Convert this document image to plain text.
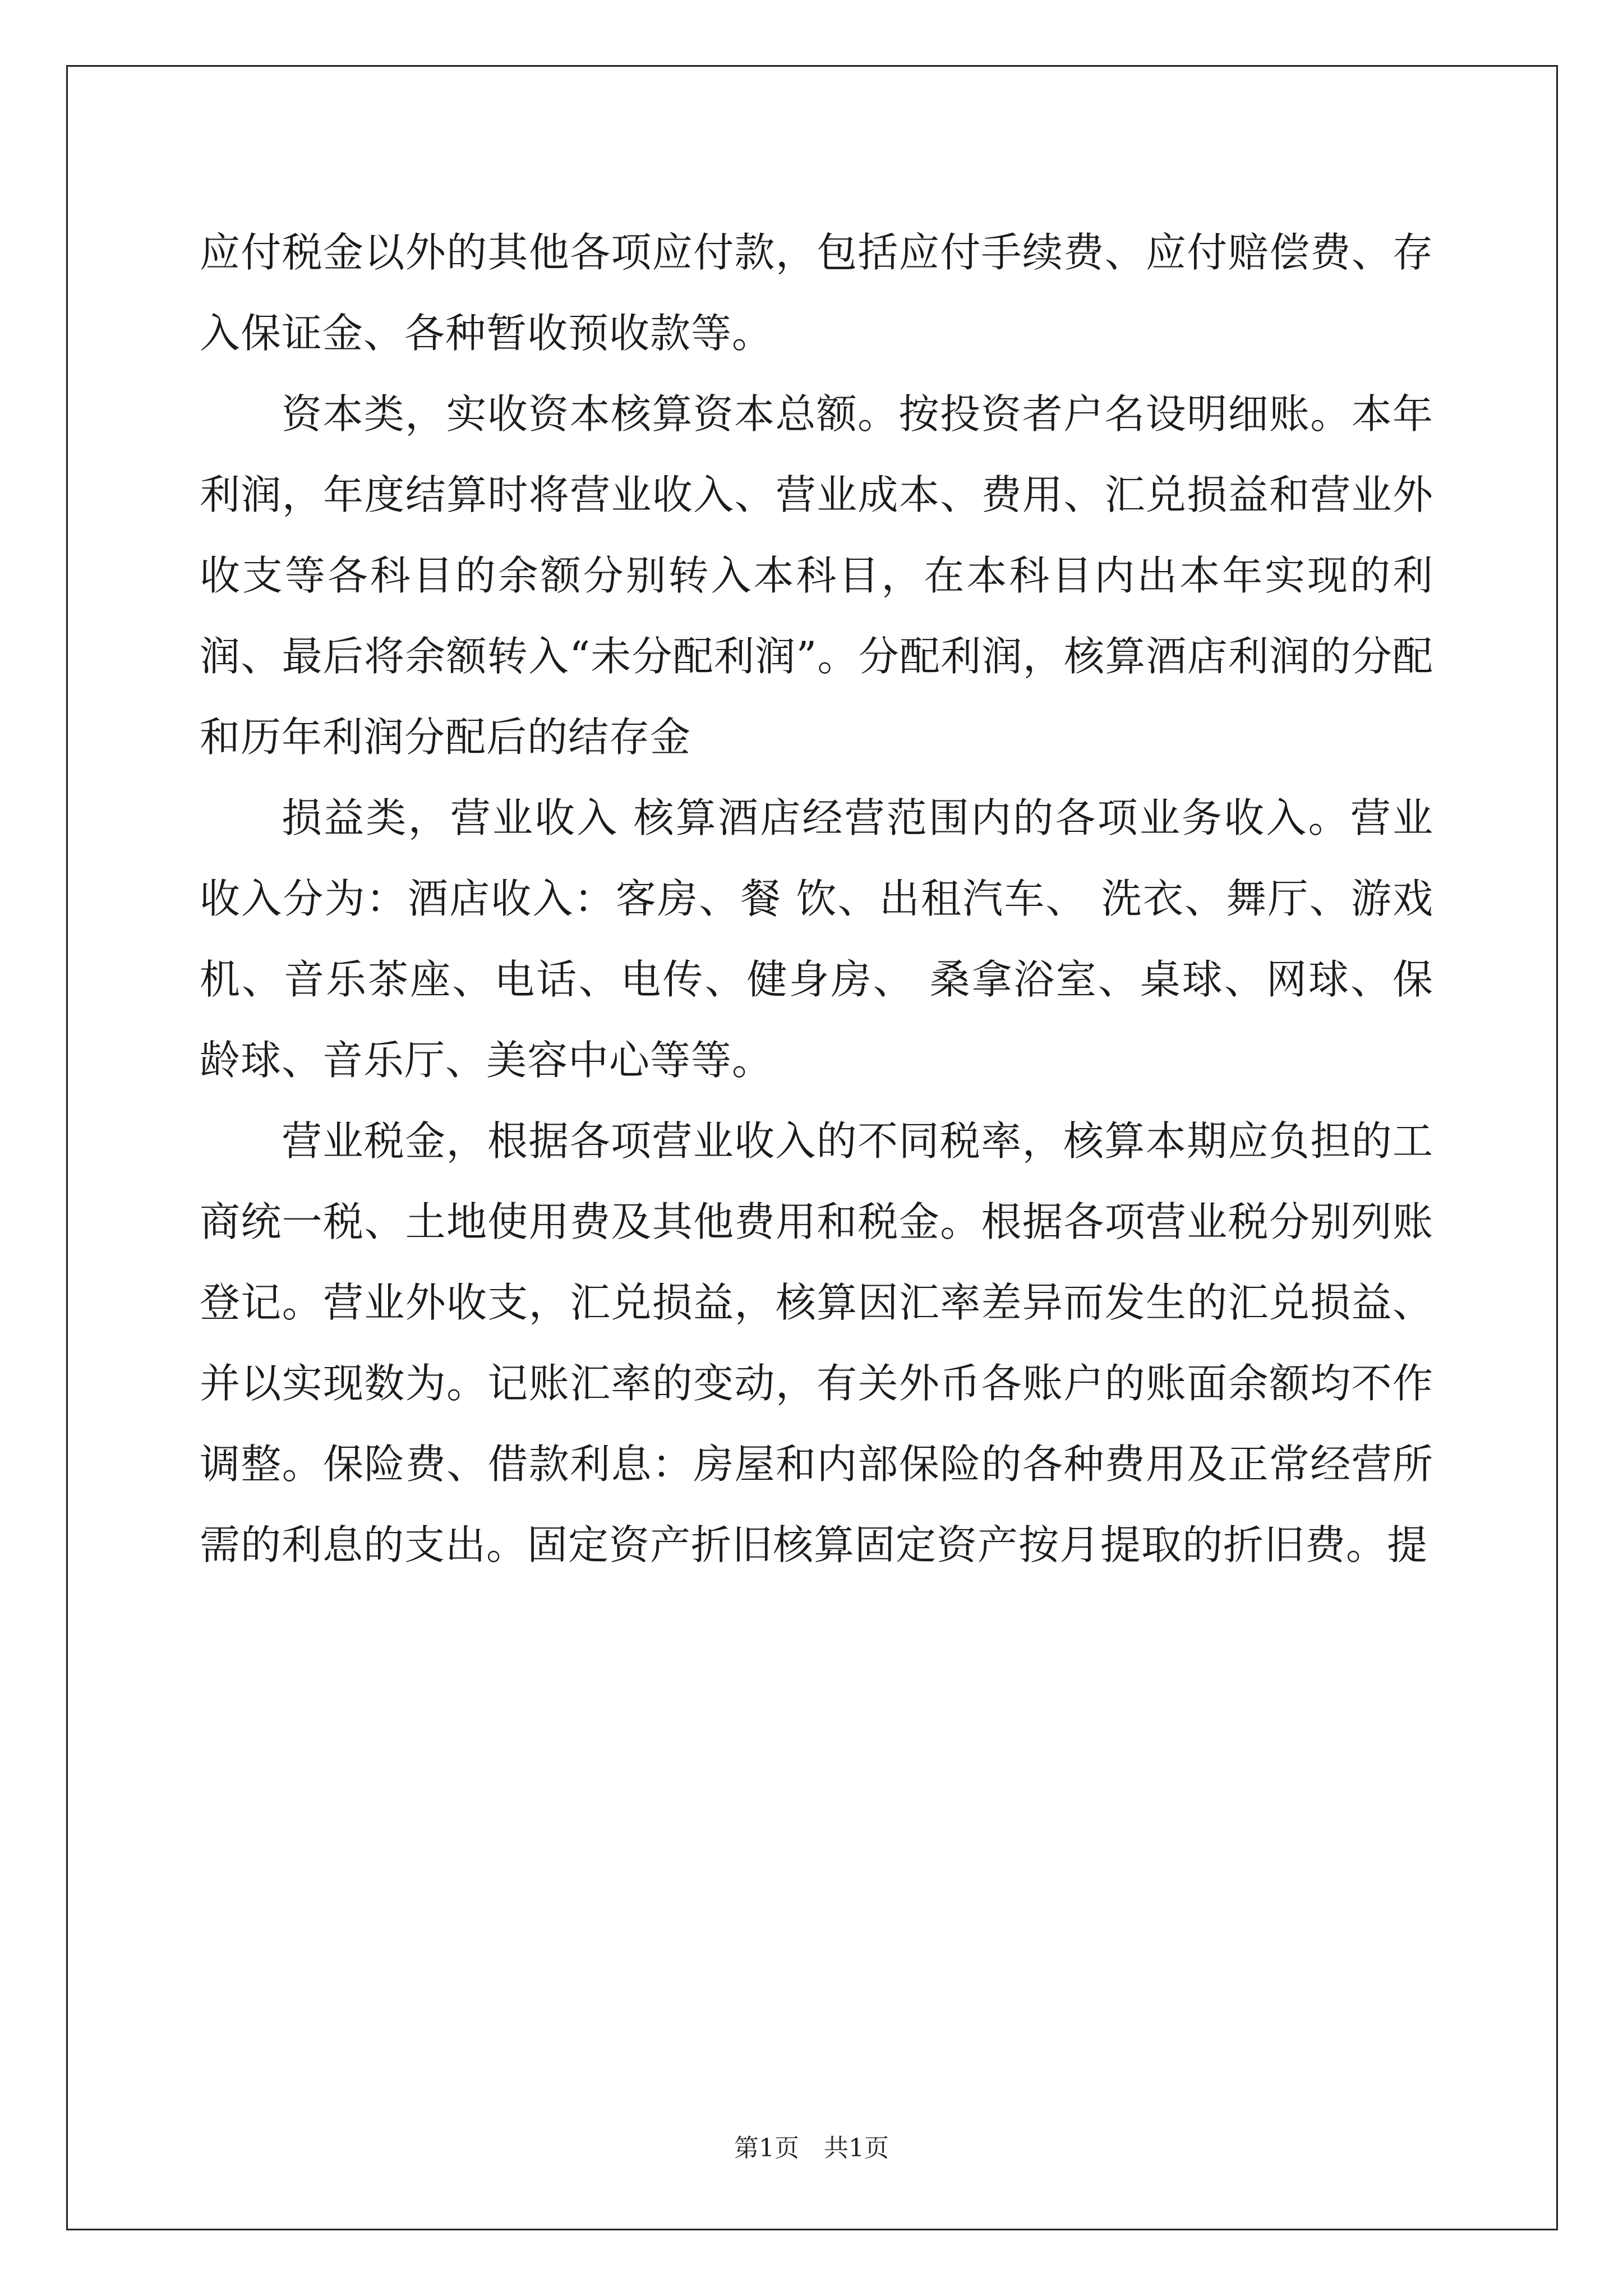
应付税金以外的其他各项应付款，包括应付手续费、应付赔偿费、存入保证金、各种暂收预收款等。

资本类，实收资本核算资本总额。按投资者户名设明细账。本年利润，年度结算时将营业收入、营业成本、费用、汇兑损益和营业外收支等各科目的余额分别转入本科目，在本科目内出本年实现的利润、最后将余额转入“未分配利润”。分配利润，核算酒店利润的分配和历年利润分配后的结存金

损益类，营业收入 核算酒店经营范围内的各项业务收入。营业收入分为：酒店收入：客房、餐 饮、出租汽车、 洗衣、舞厅、游戏机、音乐茶座、电话、电传、健身房、 桑拿浴室、桌球、网球、保龄球、音乐厅、美容中心等等。

营业税金，根据各项营业收入的不同税率，核算本期应负担的工商统一税、土地使用费及其他费用和税金。根据各项营业税分别列账登记。营业外收支，汇兑损益，核算因汇率差异而发生的汇兑损益、并以实现数为。记账汇率的变动，有关外币各账户的账面余额均不作调整。保险费、借款利息：房屋和内部保险的各种费用及正常经营所需的利息的支出。固定资产折旧核算固定资产按月提取的折旧费。提

第1页　共1页
